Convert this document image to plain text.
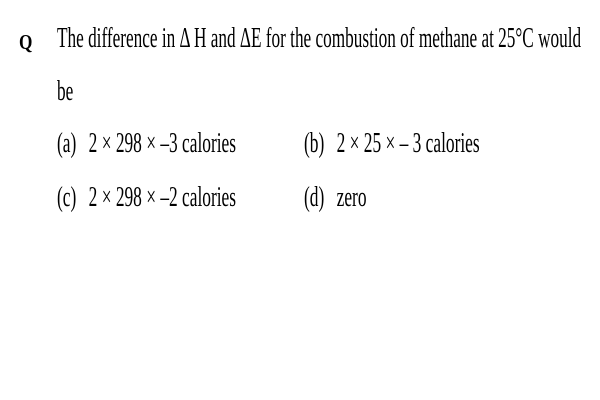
Q The difference in Δ H and ΔE for the combustion of methane at 25°C would
be
(a) 2 × 298 × –3 calories (b) 2 × 25 × – 3 calories
(c) 2 × 298 × –2 calories (d) zero
